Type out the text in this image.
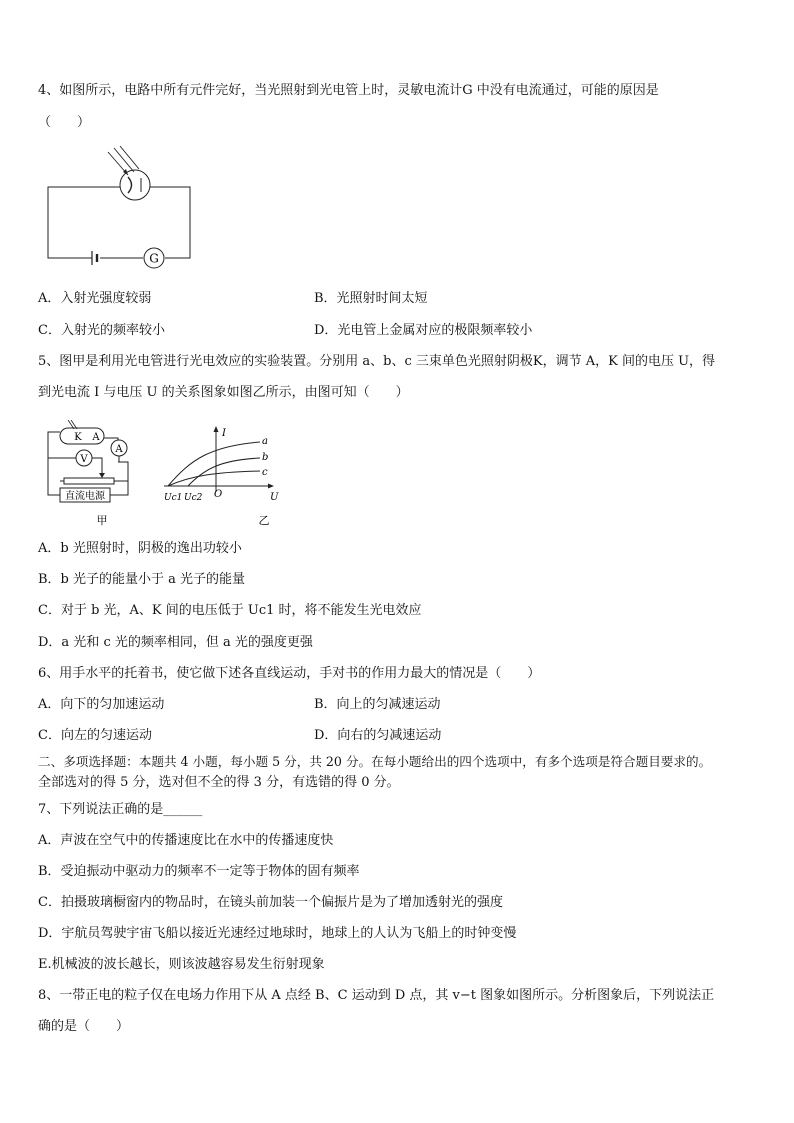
4、如图所示，电路中所有元件完好，当光照射到光电管上时，灵敏电流计G 中没有电流通过，可能的原因是
（　　）
G
A．入射光强度较弱	B．光照射时间太短
C．入射光的频率较小	D．光电管上金属对应的极限频率较小
5、图甲是利用光电管进行光电效应的实验装置。分别用 a、b、c 三束单色光照射阴极K，调节 A，K 间的电压 U，得
到光电流 I 与电压 U 的关系图象如图乙所示，由图可知（　　）
K A
A
V
直流电源
甲
I
U
O
Uc1 Uc2
a
b
c
乙
A．b 光照射时，阴极的逸出功较小
B．b 光子的能量小于 a 光子的能量
C．对于 b 光，A、K 间的电压低于 Uc1 时，将不能发生光电效应
D．a 光和 c 光的频率相同，但 a 光的强度更强
6、用手水平的托着书，使它做下述各直线运动，手对书的作用力最大的情况是（　　）
A．向下的匀加速运动	B．向上的匀减速运动
C．向左的匀速运动	D．向右的匀减速运动
二、多项选择题：本题共 4 小题，每小题 5 分，共 20 分。在每小题给出的四个选项中，有多个选项是符合题目要求的。
全部选对的得 5 分，选对但不全的得 3 分，有选错的得 0 分。
7、下列说法正确的是______
A．声波在空气中的传播速度比在水中的传播速度快
B．受迫振动中驱动力的频率不一定等于物体的固有频率
C．拍摄玻璃橱窗内的物品时，在镜头前加装一个偏振片是为了增加透射光的强度
D．宇航员驾驶宇宙飞船以接近光速经过地球时，地球上的人认为飞船上的时钟变慢
E.机械波的波长越长，则该波越容易发生衍射现象
8、一带正电的粒子仅在电场力作用下从 A 点经 B、C 运动到 D 点，其 v−t 图象如图所示。分析图象后，下列说法正
确的是（　　）
